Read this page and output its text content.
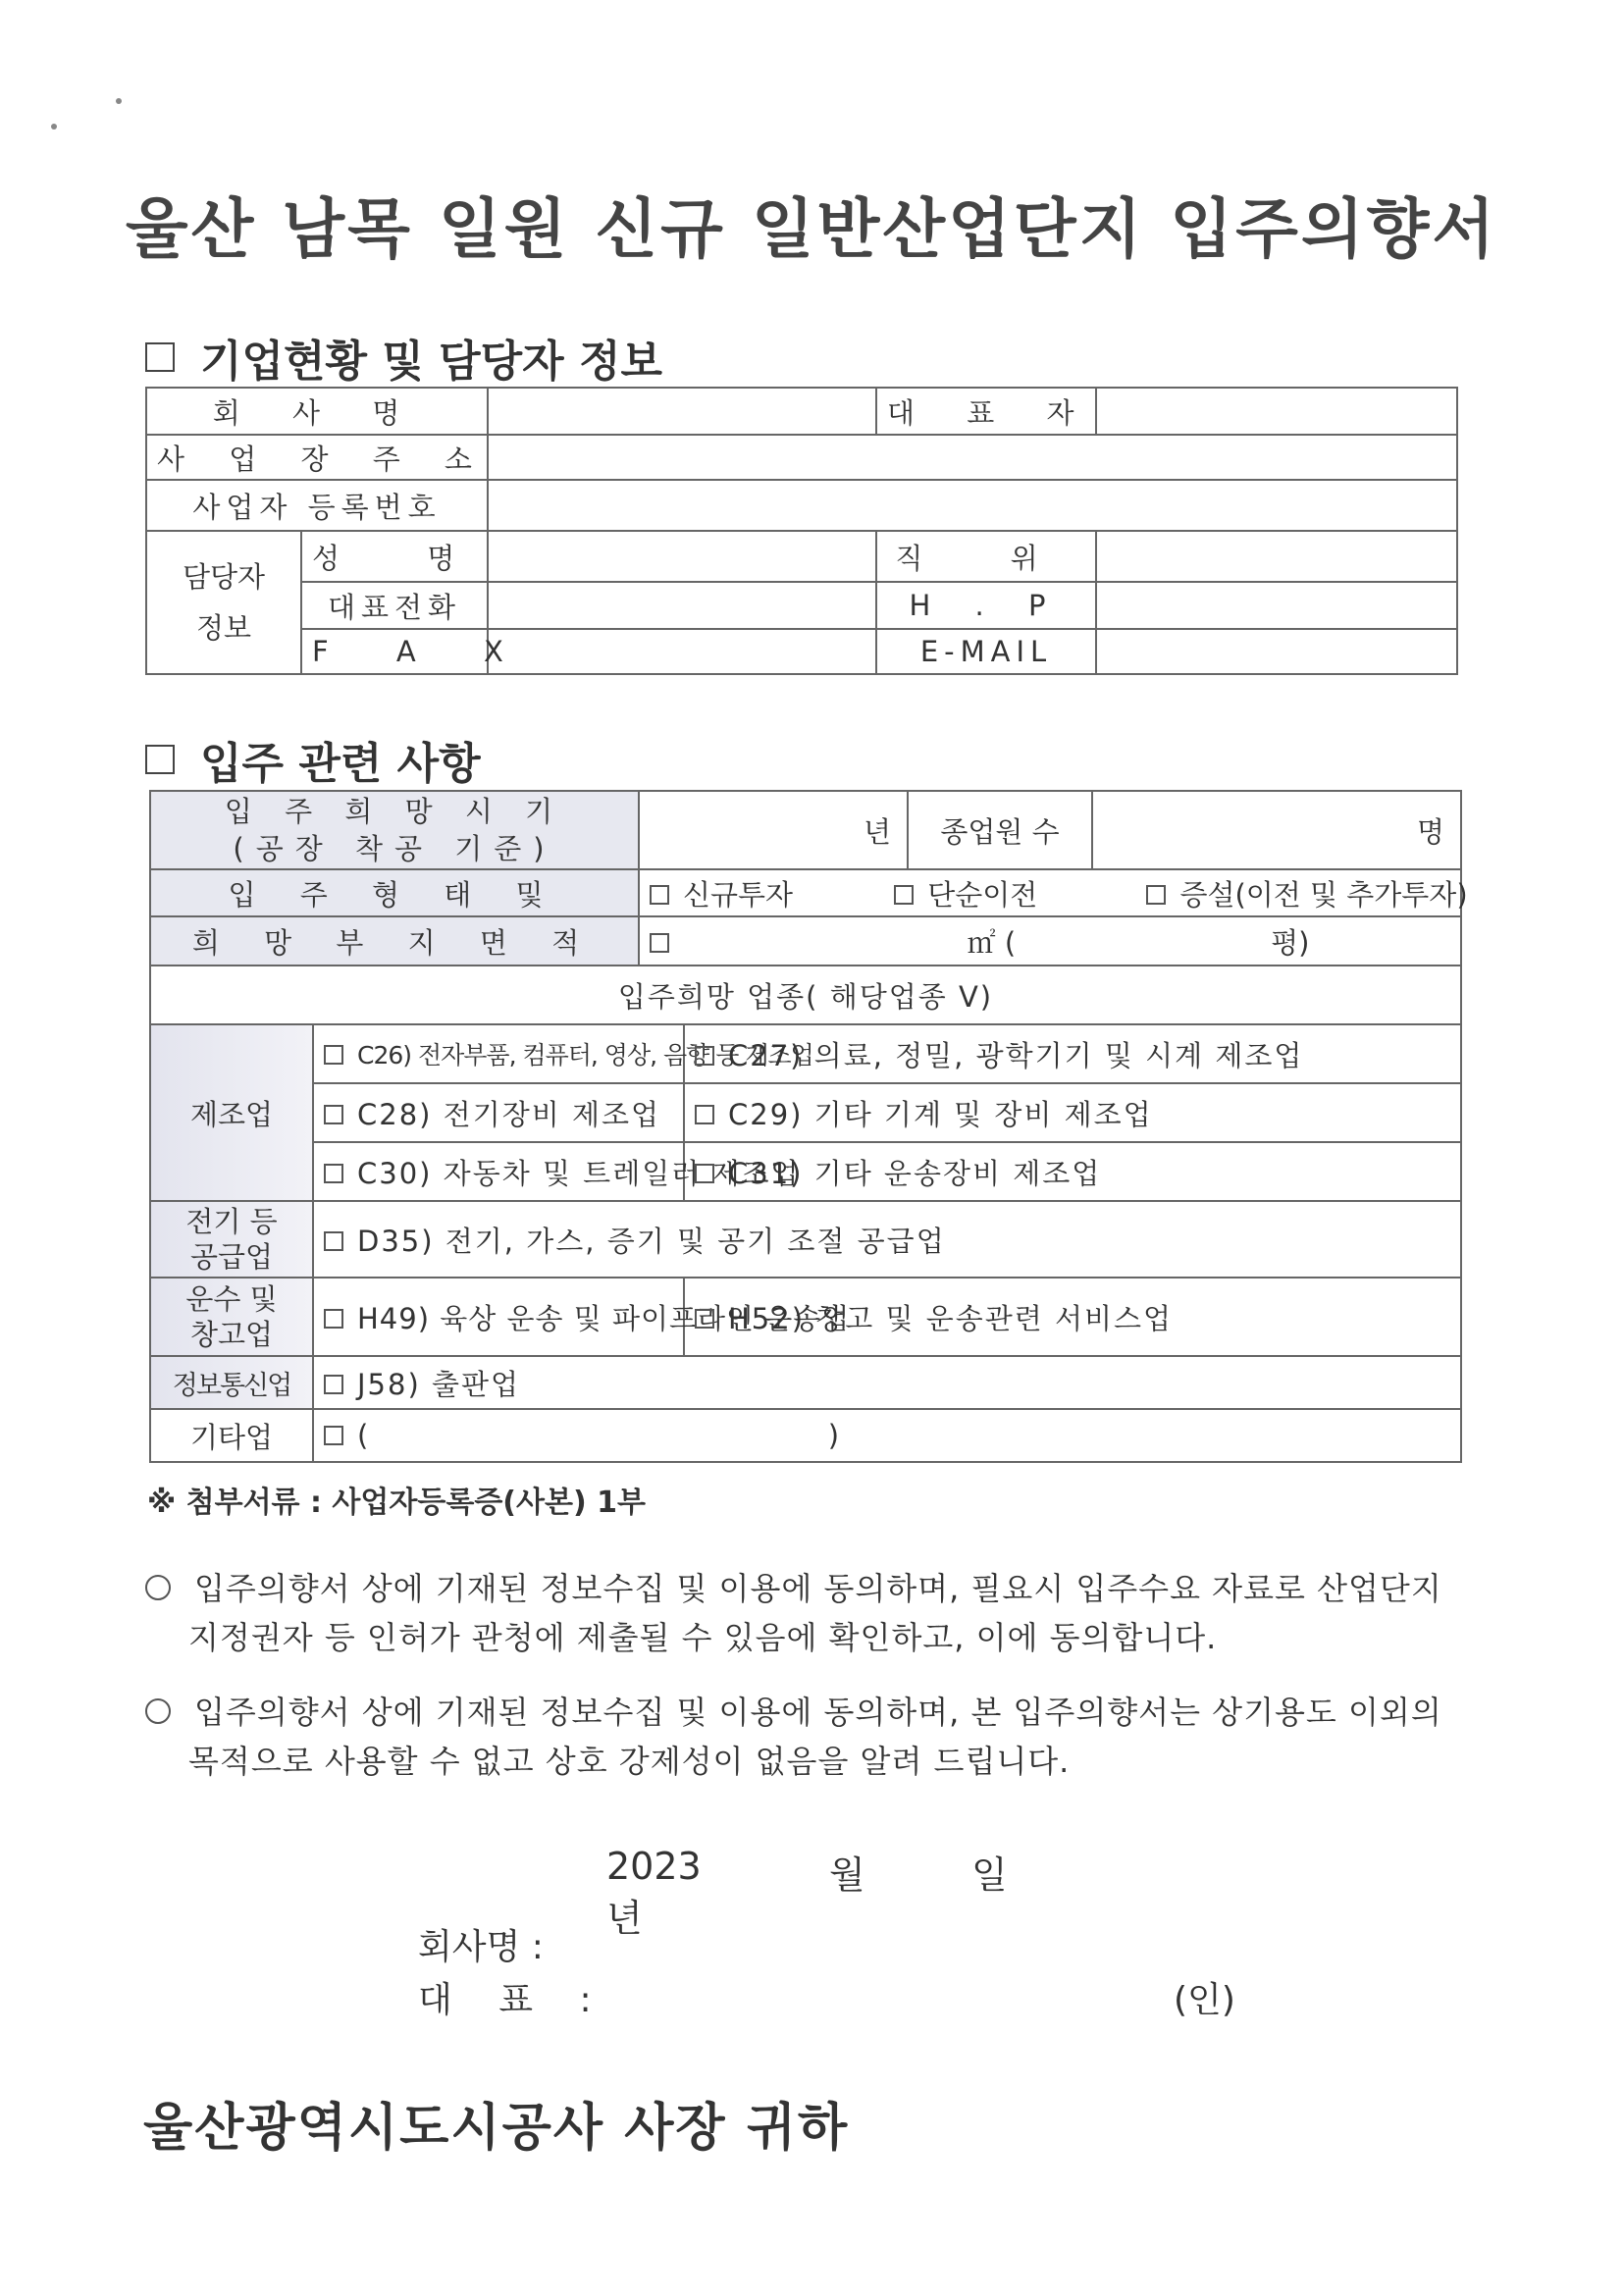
울산 남목 일원 신규 일반산업단지 입주의향서
기업현황 및 담당자 정보
회 사 명			대 표 자	
사 업 장 주 소				
사업자 등록번호				
담당자
정보	성 명		직 위	
	대표전화		H . P	
	F A X		E-MAIL	
입주 관련 사항
입 주 희 망 시 기
(공장 착공 기준)		년		종업원 수	명
입 주 형 태 및		신규투자 단순이전 증설(이전 및 추가투자)			
희 망 부 지 면 적		㎡ ( 평)			
입주희망 업종( 해당업종 V)					
제조업	C26) 전자부품, 컴퓨터, 영상, 음향 등 제조업		C27) 의료, 정밀, 광학기기 및 시계 제조업		
	C28) 전기장비 제조업		C29) 기타 기계 및 장비 제조업		
	C30) 자동차 및 트레일러 제조업		C31) 기타 운송장비 제조업		
전기 등
공급업	D35) 전기, 가스, 증기 및 공기 조절 공급업				
운수 및
창고업	H49) 육상 운송 및 파이프라인 운송업		H52) 창고 및 운송관련 서비스업		
정보통신업	J58) 출판업				
기타업	( )				
※ 첨부서류 : 사업자등록증(사본) 1부
입주의향서 상에 기재된 정보수집 및 이용에 동의하며, 필요시 입주수요 자료로 산업단지
지정권자 등 인허가 관청에 제출될 수 있음에 확인하고, 이에 동의합니다.
입주의향서 상에 기재된 정보수집 및 이용에 동의하며, 본 입주의향서는 상기용도 이외의
목적으로 사용할 수 없고 상호 강제성이 없음을 알려 드립니다.
2023년
월	일
회사명 :
대 표 :	(인)
울산광역시도시공사 사장 귀하
